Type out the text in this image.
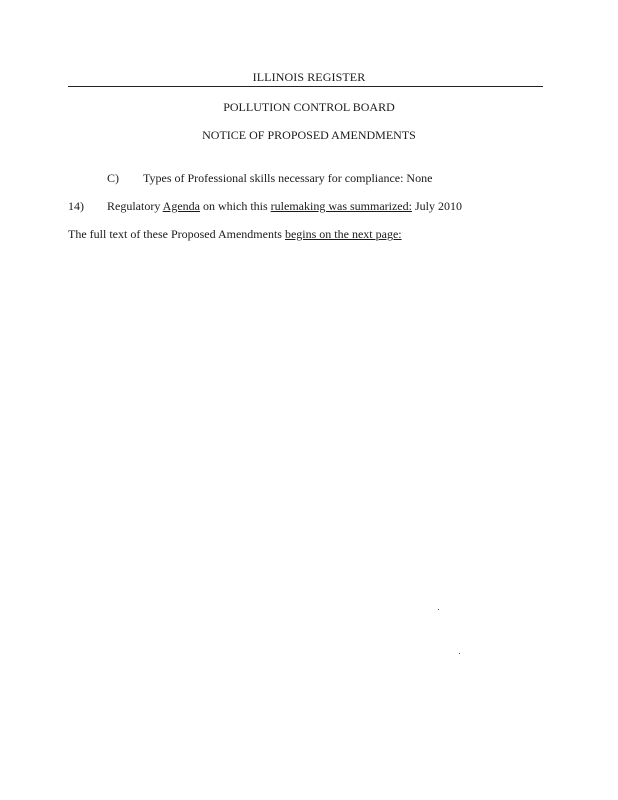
ILLINOIS REGISTER
POLLUTION CONTROL BOARD
NOTICE OF PROPOSED AMENDMENTS
C) Types of Professional skills necessary for compliance: None
14) Regulatory Agenda on which this rulemaking was summarized: July 2010
The full text of these Proposed Amendments begins on the next page:
